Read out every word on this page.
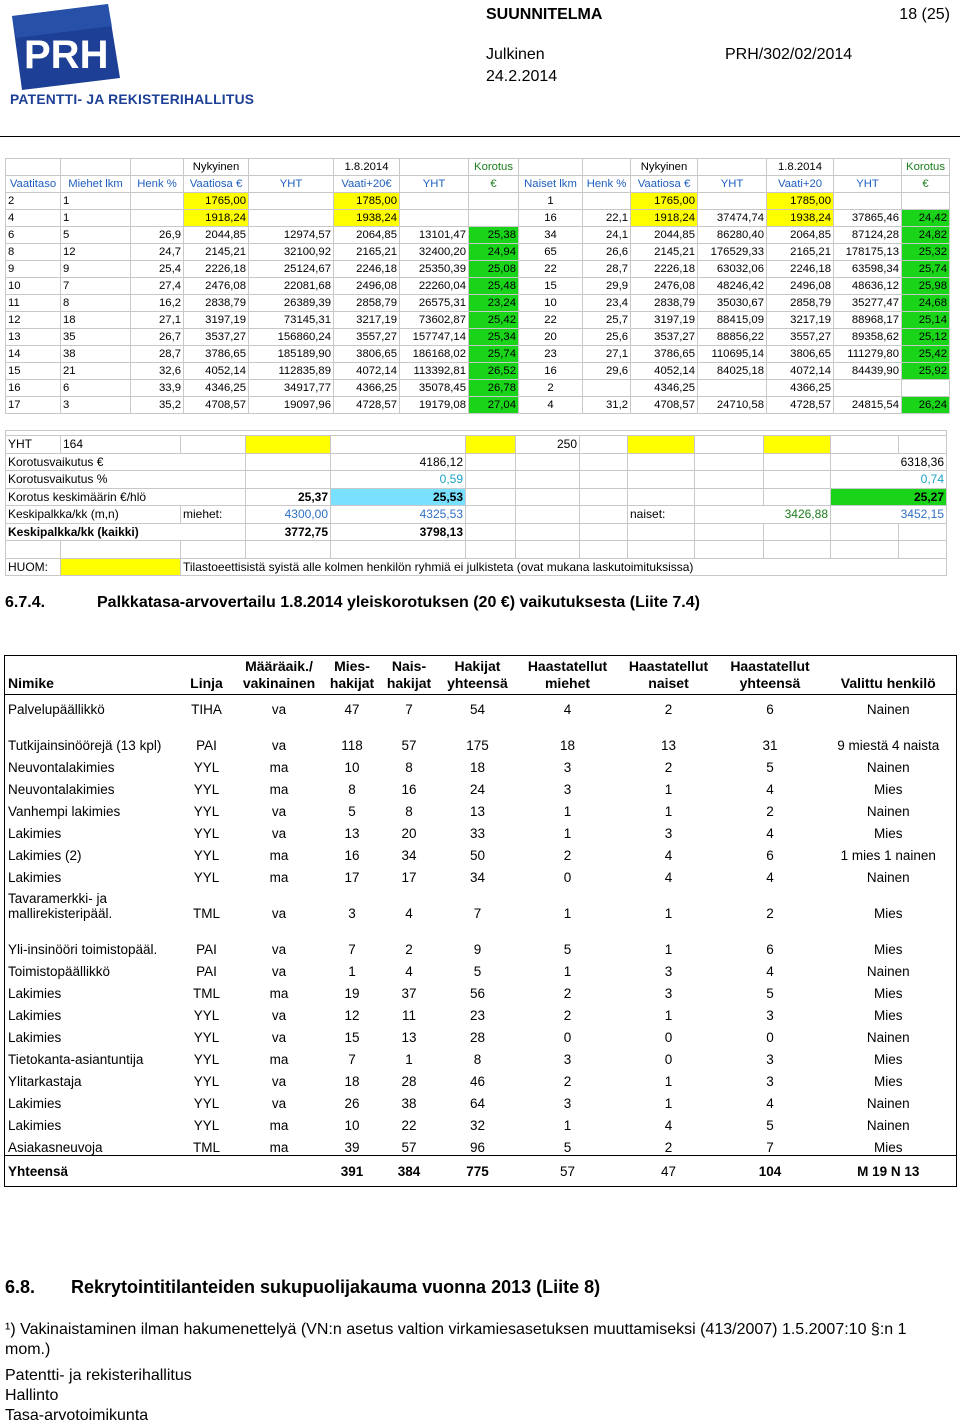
PRH
PATENTTI- JA REKISTERIHALLITUS
SUUNNITELMA	18 (25)
Julkinen	PRH/302/02/2014
24.2.2014
			Nykyinen		1.8.2014		Korotus			Nykyinen		1.8.2014		Korotus
Vaatitaso	Miehet lkm	Henk %	Vaatiosa €	YHT	Vaati+20€	YHT	€	Naiset lkm	Henk %	Vaatiosa €	YHT	Vaati+20	YHT	€
2	1		1765,00		1785,00			1		1765,00		1785,00		
4	1		1918,24		1938,24			16	22,1	1918,24	37474,74	1938,24	37865,46	24,42
6	5	26,9	2044,85	12974,57	2064,85	13101,47	25,38	34	24,1	2044,85	86280,40	2064,85	87124,28	24,82
8	12	24,7	2145,21	32100,92	2165,21	32400,20	24,94	65	26,6	2145,21	176529,33	2165,21	178175,13	25,32
9	9	25,4	2226,18	25124,67	2246,18	25350,39	25,08	22	28,7	2226,18	63032,06	2246,18	63598,34	25,74
10	7	27,4	2476,08	22081,68	2496,08	22260,04	25,48	15	29,9	2476,08	48246,42	2496,08	48636,12	25,98
11	8	16,2	2838,79	26389,39	2858,79	26575,31	23,24	10	23,4	2838,79	35030,67	2858,79	35277,47	24,68
12	18	27,1	3197,19	73145,31	3217,19	73602,87	25,42	22	25,7	3197,19	88415,09	3217,19	88968,17	25,14
13	35	26,7	3537,27	156860,24	3557,27	157747,14	25,34	20	25,6	3537,27	88856,22	3557,27	89358,62	25,12
14	38	28,7	3786,65	185189,90	3806,65	186168,02	25,74	23	27,1	3786,65	110695,14	3806,65	111279,80	25,42
15	21	32,6	4052,14	112835,89	4072,14	113392,81	26,52	16	29,6	4052,14	84025,18	4072,14	84439,90	25,92
16	6	33,9	4346,25	34917,77	4366,25	35078,45	26,78	2		4346,25		4366,25		
17	3	35,2	4708,57	19097,96	4728,57	19179,08	27,04	4	31,2	4708,57	24710,58	4728,57	24815,54	26,24

YHT	164					250						
Korotusvaikutus €				4186,12							6318,36	
Korotusvaikutus %				0,59							0,74	
Korotus keskimäärin €/hlö			25,37	25,53							25,27	
Keskipalkka/kk (m,n)		miehet:	4300,00	4325,53				naiset:	3426,88		3452,15	
Keskipalkka/kk (kaikki)			3772,75	3798,13								

HUOM:		Tilastoeettisistä syistä alle kolmen henkilön ryhmiä ei julkisteta (ovat mukana laskutoimituksissa)										
6.7.4.	Palkkatasa-arvovertailu 1.8.2014 yleiskorotuksen (20 €) vaikutuksesta (Liite 7.4)
Nimike	Linja	Määräaik./ vakinainen	Mies- hakijat	Nais- hakijat	Hakijat yhteensä	Haastatellut miehet	Haastatellut naiset	Haastatellut yhteensä	Valittu henkilö
Palvelupäällikkö	TIHA	va	47	7	54	4	2	6	Nainen
Tutkijainsinöörejä (13 kpl)	PAI	va	118	57	175	18	13	31	9 miestä 4 naista
Neuvontalakimies	YYL	ma	10	8	18	3	2	5	Nainen
Neuvontalakimies	YYL	ma	8	16	24	3	1	4	Mies
Vanhempi lakimies	YYL	va	5	8	13	1	1	2	Nainen
Lakimies	YYL	va	13	20	33	1	3	4	Mies
Lakimies (2)	YYL	ma	16	34	50	2	4	6	1 mies 1 nainen
Lakimies	YYL	ma	17	17	34	0	4	4	Nainen
Tavaramerkki- ja mallirekisteripääl.	TML	va	3	4	7	1	1	2	Mies
Yli-insinööri toimistopääl.	PAI	va	7	2	9	5	1	6	Mies
Toimistopäällikkö	PAI	va	1	4	5	1	3	4	Nainen
Lakimies	TML	ma	19	37	56	2	3	5	Mies
Lakimies	YYL	va	12	11	23	2	1	3	Mies
Lakimies	YYL	va	15	13	28	0	0	0	Nainen
Tietokanta-asiantuntija	YYL	ma	7	1	8	3	0	3	Mies
Ylitarkastaja	YYL	va	18	28	46	2	1	3	Mies
Lakimies	YYL	va	26	38	64	3	1	4	Nainen
Lakimies	YYL	ma	10	22	32	1	4	5	Nainen
Asiakasneuvoja	TML	ma	39	57	96	5	2	7	Mies
Yhteensä			391	384	775	57	47	104	M 19 N 13
6.8. Rekrytointitilanteiden sukupuolijakauma vuonna 2013 (Liite 8)
¹) Vakinaistaminen ilman hakumenettelyä (VN:n asetus valtion virkamiesasetuksen muuttamiseksi (413/2007) 1.5.2007:10 §:n 1 mom.)
Patentti- ja rekisterihallitus
Hallinto
Tasa-arvotoimikunta
